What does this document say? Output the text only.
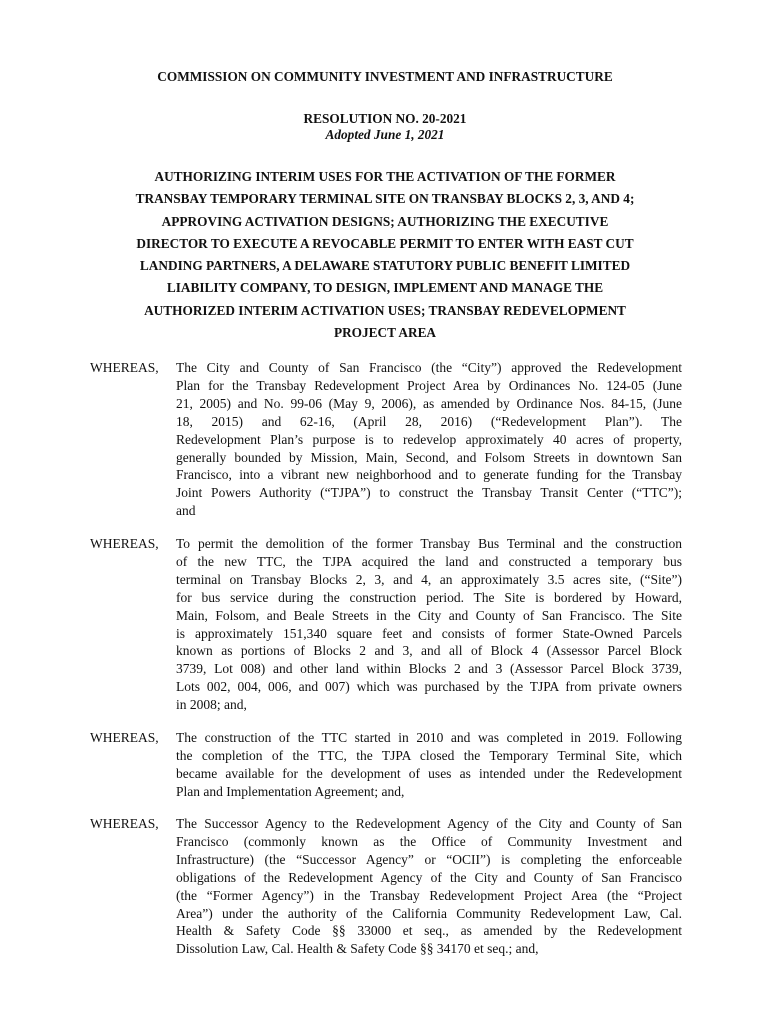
COMMISSION ON COMMUNITY INVESTMENT AND INFRASTRUCTURE

RESOLUTION NO. 20-2021

Adopted June 1, 2021

AUTHORIZING INTERIM USES FOR THE ACTIVATION OF THE FORMER
TRANSBAY TEMPORARY TERMINAL SITE ON TRANSBAY BLOCKS 2, 3, AND 4;
APPROVING ACTIVATION DESIGNS; AUTHORIZING THE EXECUTIVE
DIRECTOR TO EXECUTE A REVOCABLE PERMIT TO ENTER WITH EAST CUT
LANDING PARTNERS, A DELAWARE STATUTORY PUBLIC BENEFIT LIMITED
LIABILITY COMPANY, TO DESIGN, IMPLEMENT AND MANAGE THE
AUTHORIZED INTERIM ACTIVATION USES; TRANSBAY REDEVELOPMENT
PROJECT AREA
WHEREAS, The City and County of San Francisco (the “City”) approved the Redevelopment
Plan for the Transbay Redevelopment Project Area by Ordinances No. 124-05 (June
21, 2005) and No. 99-06 (May 9, 2006), as amended by Ordinance Nos. 84-15, (June
18, 2015) and 62-16, (April 28, 2016) (“Redevelopment Plan”). The
Redevelopment Plan’s purpose is to redevelop approximately 40 acres of property,
generally bounded by Mission, Main, Second, and Folsom Streets in downtown San
Francisco, into a vibrant new neighborhood and to generate funding for the Transbay
Joint Powers Authority (“TJPA”) to construct the Transbay Transit Center (“TTC”);
and
WHEREAS, To permit the demolition of the former Transbay Bus Terminal and the construction
of the new TTC, the TJPA acquired the land and constructed a temporary bus
terminal on Transbay Blocks 2, 3, and 4, an approximately 3.5 acres site, (“Site”)
for bus service during the construction period. The Site is bordered by Howard,
Main, Folsom, and Beale Streets in the City and County of San Francisco. The Site
is approximately 151,340 square feet and consists of former State-Owned Parcels
known as portions of Blocks 2 and 3, and all of Block 4 (Assessor Parcel Block
3739, Lot 008) and other land within Blocks 2 and 3 (Assessor Parcel Block 3739,
Lots 002, 004, 006, and 007) which was purchased by the TJPA from private owners
in 2008; and,
WHEREAS, The construction of the TTC started in 2010 and was completed in 2019. Following
the completion of the TTC, the TJPA closed the Temporary Terminal Site, which
became available for the development of uses as intended under the Redevelopment
Plan and Implementation Agreement; and,
WHEREAS, The Successor Agency to the Redevelopment Agency of the City and County of San
Francisco (commonly known as the Office of Community Investment and
Infrastructure) (the “Successor Agency” or “OCII”) is completing the enforceable
obligations of the Redevelopment Agency of the City and County of San Francisco
(the “Former Agency”) in the Transbay Redevelopment Project Area (the “Project
Area”) under the authority of the California Community Redevelopment Law, Cal.
Health & Safety Code §§ 33000 et seq., as amended by the Redevelopment
Dissolution Law, Cal. Health & Safety Code §§ 34170 et seq.; and,
